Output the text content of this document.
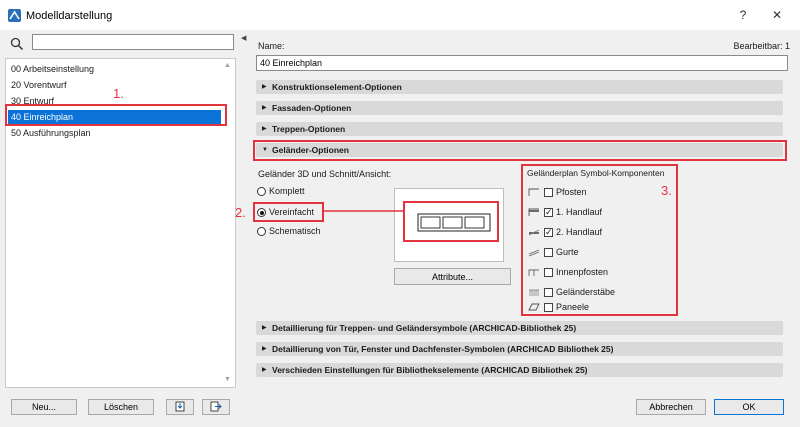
Modelldarstellung	?	✕
00 Arbeitseinstellung
20 Vorentwurf
30 Entwurf
40 Einreichplan
50 Ausführungsplan
▲
▼
1.
Neu...	Löschen
◀
Name:	Bearbeitbar: 1
40 Einreichplan
▶ Konstruktionselement-Optionen
▶ Fassaden-Optionen
▶ Treppen-Optionen
▼ Geländer-Optionen
Geländer 3D und Schnitt/Ansicht:
Komplett
Vereinfacht
Schematisch
2.
Attribute...
Geländerplan Symbol-Komponenten
Pfosten
✓1. Handlauf
✓2. Handlauf
Gurte
Innenpfosten
Geländerstäbe
Paneele
3.
▶ Detaillierung für Treppen- und Geländersymbole (ARCHICAD-Bibliothek 25)
▶ Detaillierung von Tür, Fenster und Dachfenster-Symbolen (ARCHICAD Bibliothek 25)
▶ Verschieden Einstellungen für Bibliothekselemente (ARCHICAD Bibliothek 25)
Abbrechen	OK
